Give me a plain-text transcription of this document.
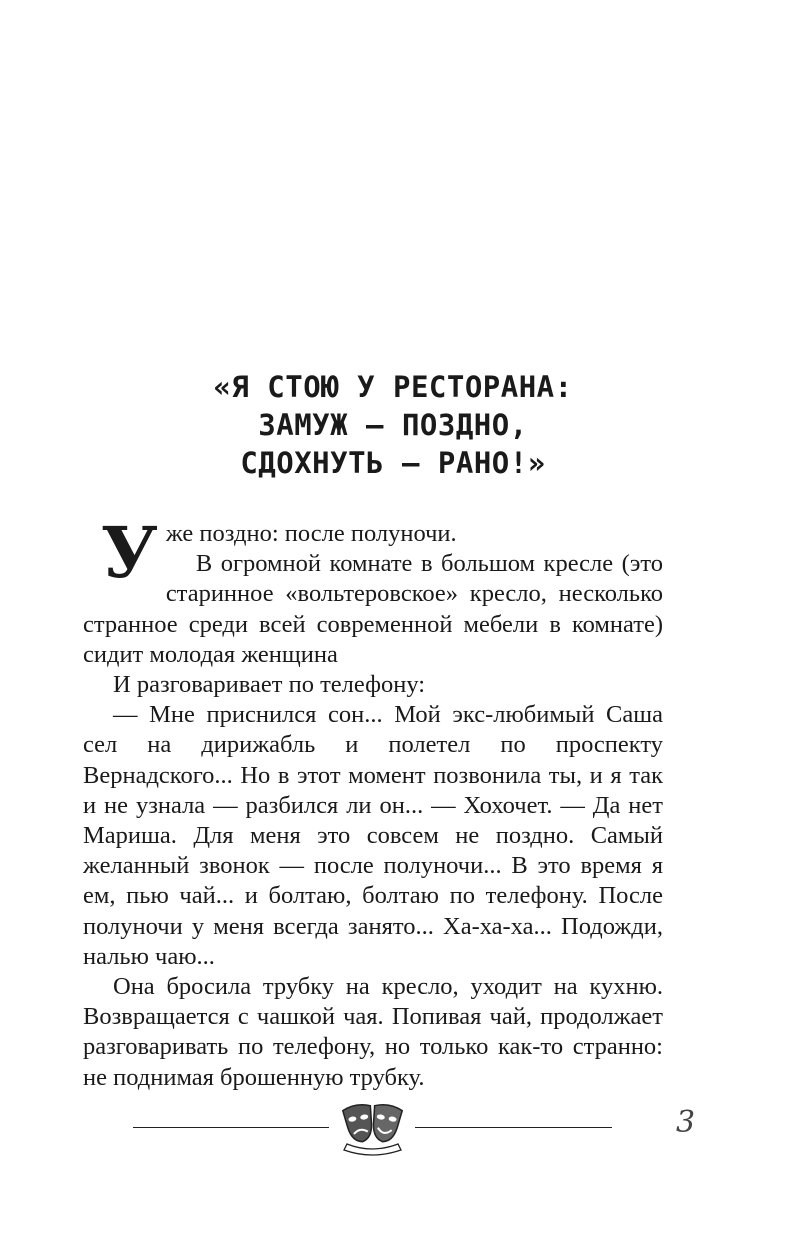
«Я СТОЮ У РЕСТОРАНА:
ЗАМУЖ — ПОЗДНО,
СДОХНУТЬ — РАНО!»

Уже поздно: после полуночи.

В огромной комнате в большом кресле (это старинное «вольтеровское» кресло, несколько странное среди всей современной мебели в комнате) сидит молодая женщина

И разговаривает по телефону:

— Мне приснился сон... Мой экс-любимый Саша сел на дирижабль и полетел по проспекту Вернадского... Но в этот момент позвонила ты, и я так и не узнала — разбился ли он... — Хохочет. — Да нет Мариша. Для меня это совсем не поздно. Самый желанный звонок — после полуночи... В это время я ем, пью чай... и болтаю, болтаю по телефону. После полуночи у меня всегда занято... Ха-ха-ха... Подожди, налью чаю...

Она бросила трубку на кресло, уходит на кухню. Возвращается с чашкой чая. Попивая чай, продолжает разговаривать по телефону, но только как-то странно: не поднимая брошенную трубку.

3
